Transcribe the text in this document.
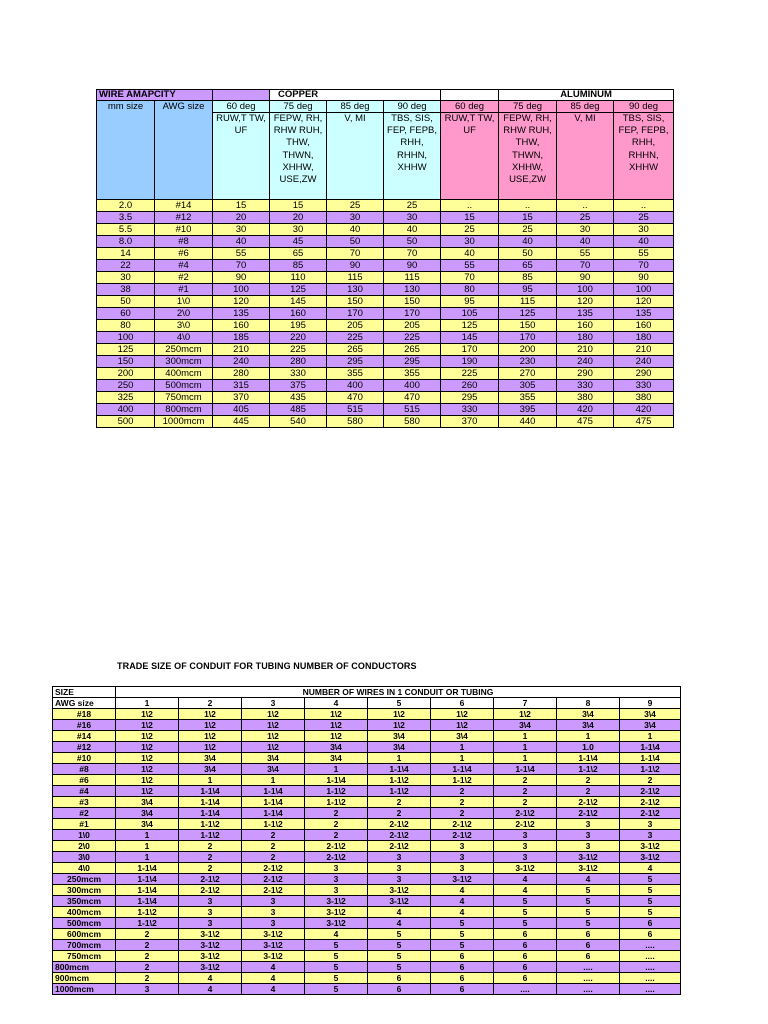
WIRE AMAPCITY			COPPER				ALUMINUM		
mm size	AWG size	60 deg	75 deg	85 deg	90 deg	60 deg	75 deg	85 deg	90 deg
		RUW,T TW, UF	FEPW, RH, RHW RUH, THW, THWN, XHHW, USE,ZW	V, MI	TBS, SIS, FEP, FEPB, RHH, RHHN, XHHW	RUW,T TW, UF	FEPW, RH, RHW RUH, THW, THWN, XHHW, USE,ZW	V, MI	TBS, SIS, FEP, FEPB, RHH, RHHN, XHHW
2.0	#14	15	15	25	25	..	..	..	..
3.5	#12	20	20	30	30	15	15	25	25
5.5	#10	30	30	40	40	25	25	30	30
8.0	#8	40	45	50	50	30	40	40	40
14	#6	55	65	70	70	40	50	55	55
22	#4	70	85	90	90	55	65	70	70
30	#2	90	110	115	115	70	85	90	90
38	#1	100	125	130	130	80	95	100	100
50	1\0	120	145	150	150	95	115	120	120
60	2\0	135	160	170	170	105	125	135	135
80	3\0	160	195	205	205	125	150	160	160
100	4\0	185	220	225	225	145	170	180	180
125	250mcm	210	225	265	265	170	200	210	210
150	300mcm	240	280	295	295	190	230	240	240
200	400mcm	280	330	355	355	225	270	290	290
250	500mcm	315	375	400	400	260	305	330	330
325	750mcm	370	435	470	470	295	355	380	380
400	800mcm	405	485	515	515	330	395	420	420
500	1000mcm	445	540	580	580	370	440	475	475
TRADE SIZE OF CONDUIT FOR TUBING NUMBER OF CONDUCTORS
SIZE	NUMBER OF WIRES IN 1 CONDUIT OR TUBING								
AWG size	1	2	3	4	5	6	7	8	9
#18	1\2	1\2	1\2	1\2	1\2	1\2	1\2	3\4	3\4
#16	1\2	1\2	1\2	1\2	1\2	1\2	3\4	3\4	3\4
#14	1\2	1\2	1\2	1\2	3\4	3\4	1	1	1
#12	1\2	1\2	1\2	3\4	3\4	1	1	1.0	1-1\4
#10	1\2	3\4	3\4	3\4	1	1	1	1-1\4	1-1\4
#8	1\2	3\4	3\4	1	1-1\4	1-1\4	1-1\4	1-1\2	1-1\2
#6	1\2	1	1	1-1\4	1-1\2	1-1\2	2	2	2
#4	1\2	1-1\4	1-1\4	1-1\2	1-1\2	2	2	2	2-1\2
#3	3\4	1-1\4	1-1\4	1-1\2	2	2	2	2-1\2	2-1\2
#2	3\4	1-1\4	1-1\4	2	2	2	2-1\2	2-1\2	2-1\2
#1	3\4	1-1\2	1-1\2	2	2-1\2	2-1\2	2-1\2	3	3
1\0	1	1-1\2	2	2	2-1\2	2-1\2	3	3	3
2\0	1	2	2	2-1\2	2-1\2	3	3	3	3-1\2
3\0	1	2	2	2-1\2	3	3	3	3-1\2	3-1\2
4\0	1-1\4	2	2-1\2	3	3	3	3-1\2	3-1\2	4
250mcm	1-1\4	2-1\2	2-1\2	3	3	3-1\2	4	4	5
300mcm	1-1\4	2-1\2	2-1\2	3	3-1\2	4	4	5	5
350mcm	1-1\4	3	3	3-1\2	3-1\2	4	5	5	5
400mcm	1-1\2	3	3	3-1\2	4	4	5	5	5
500mcm	1-1\2	3	3	3-1\2	4	5	5	5	6
600mcm	2	3-1\2	3-1\2	4	5	5	6	6	6
700mcm	2	3-1\2	3-1\2	5	5	5	6	6	....
750mcm	2	3-1\2	3-1\2	5	5	6	6	6	....
800mcm	2	3-1\2	4	5	5	6	6	....	....
900mcm	2	4	4	5	6	6	6	....	....
1000mcm	3	4	4	5	6	6	....	....	....
